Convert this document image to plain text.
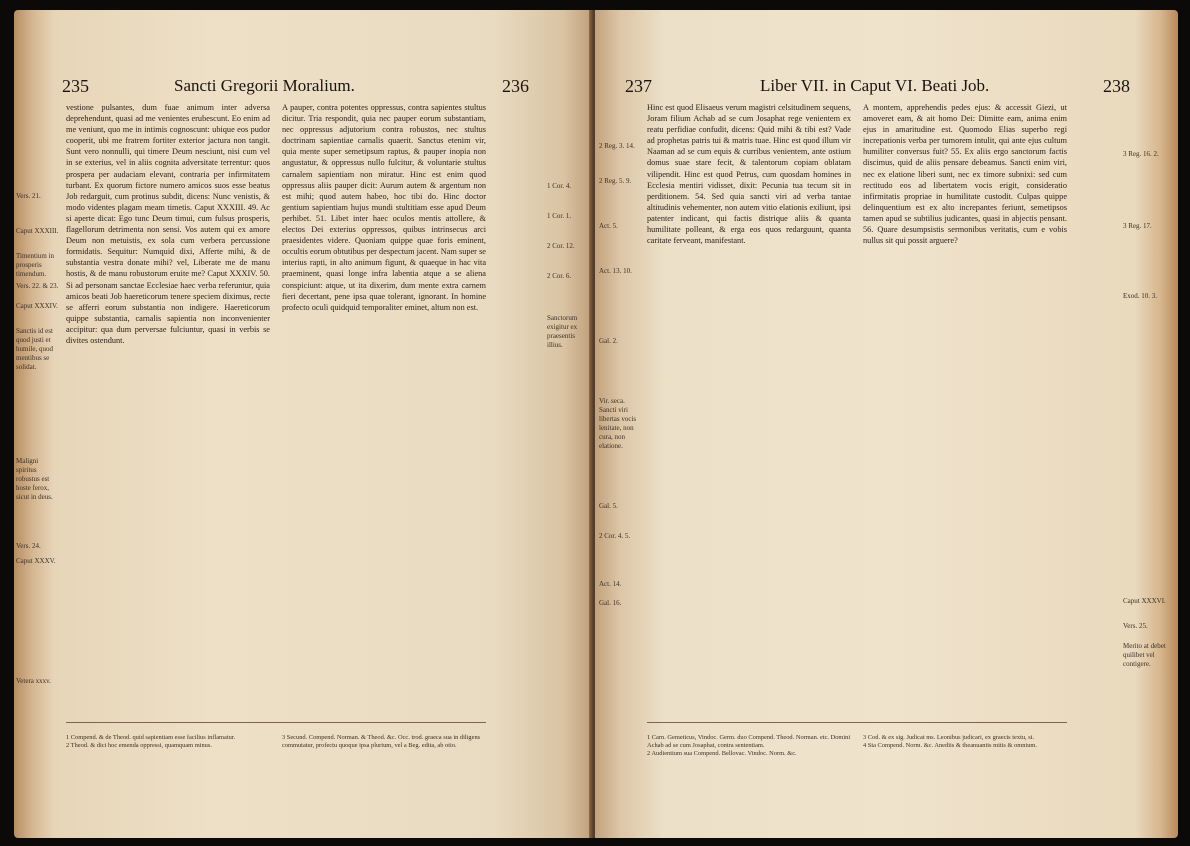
235	Sancti Gregorii Moralium.	236
Vers. 21.
Caput XXXIII.
Timentium in prosperis timendum.
Vers. 22. & 23.
Caput XXXIV.
Sanctis id est quod justi et humile, quod mentibus se solidat.
Maligni spiritus robustus est hoste ferox, sicut in deus.
Vers. 24.
Caput XXXV.
Vetera xxxv.

vestione pulsantes, dum fuae animum inter adversa deprehendunt, quasi ad me venientes erubescunt. Eo enim ad me veniunt, quo me in intimis cognoscunt: ubique eos pudor cooperit, ubi me fratrem fortiter exterior jactura non tangit. Sunt vero nonnulli, qui timere Deum nesciunt, nisi cum vel in se exterius, vel in aliis cognita adversitate terrentur: quos prospera per audaciam elevant, contraria per infirmitatem turbant. Ex quorum fictore numero amicos suos esse beatus Job redarguit, cum protinus subdit, dicens: Nunc venistis, & modo videntes plagam meam timetis. Caput XXXIII. 49. Ac si aperte dicat: Ego tunc Deum timui, cum fulsus prosperis, flagellorum detrimenta non sensi. Vos autem qui ex amore Deum non metuistis, ex sola cum verbera percussione formidatis. Sequitur: Numquid dixi, Afferte mihi, & de substantia vestra donate mihi? vel, Liberate me de manu hostis, & de manu robustorum eruite me? Caput XXXIV. 50. Si ad personam sanctae Ecclesiae haec verba referuntur, quia amicos beati Job haereticorum tenere speciem diximus, recte se afferri eorum substantia non indigere. Haereticorum quippe substantia, carnalis sapientia non inconvenienter accipitur: qua dum perversae fulciuntur, quasi in verbis se divites ostendunt.

A pauper, contra potentes oppressus, contra sapientes stultus dicitur. Tria respondit, quia nec pauper eorum substantiam, nec oppressus adjutorium contra robustos, nec stultus doctrinam sapientiae carnalis quaerit. Sanctus etenim vir, quia mente super semetipsum raptus, & pauper inopia non angustatur, & oppressus nullo fulcitur, & voluntarie stultus carnalem sapientiam non miratur. Hinc est enim quod oppressus aliis pauper dicit: Aurum autem & argentum non est mihi; quod autem habeo, hoc tibi do. Hinc doctor gentium sapientiam hujus mundi stultitiam esse apud Deum perhibet. 51. Libet inter haec oculos mentis attollere, & electos Dei exterius oppressos, quibus intrinsecus arci praesidentes videre. Quoniam quippe quae foris eminent, occultis eorum obtutibus per despectum jacent. Nam super se interius rapti, in alto animum figunt, & quaeque in hac vita praeminent, quasi longe infra labentia atque a se aliena conspiciunt: atque, ut ita dixerim, dum mente extra carnem fieri decertant, pene ipsa quae tolerant, ignorant. In homine profecto oculi quidquid temporaliter eminet, altum non est.

1 Cor. 4.
1 Cor. 1.
2 Cor. 12.
2 Cor. 6.
Sanctorum exigitur ex praesentis illius.
1 Compend. & de Theod. quid sapientiam esse facilius inflamatur.
2 Theod. & dici hoc emenda oppressi, quamquam minus.
3 Secund. Compend. Norman. & Theod. &c. Occ. trod. graeca sua in diligens commutatur, profectu quoque ipsa plurium, vel a Beg. edita, ab otio.
237	Liber VII. in Caput VI. Beati Job.	238
2 Reg. 3. 14.
2 Reg. 5. 9.
Act. 5.
Act. 13. 10.
Gal. 2.
Vir. seca. Sancti viri libertas vocis lenitate, non cura, non elatione.
Gal. 5.
2 Cor. 4. 5.
Act. 14.
Gal. 16.

Hinc est quod Elisaeus verum magistri celsitudinem sequens, Joram filium Achab ad se cum Josaphat rege venientem ex reatu perfidiae confudit, dicens: Quid mihi & tibi est? Vade ad prophetas patris tui & matris tuae. Hinc est quod illum vir Naaman ad se cum equis & curribus venientem, ante ostium domus suae stare fecit, & talentorum copiam oblatam vilipendit. Hinc est quod Petrus, cum quosdam homines in Ecclesia mentiri vidisset, dixit: Pecunia tua tecum sit in perditionem. 54. Sed quia sancti viri ad verba tantae altitudinis vehementer, non autem vitio elationis exiliunt, ipsi patenter indicant, qui factis distrique aliis & quanta humilitate polleant, & erga eos quos redarguunt, quanta caritate ferveant, manifestant.

A montem, apprehendis pedes ejus: & accessit Giezi, ut amoveret eam, & ait homo Dei: Dimitte eam, anima enim ejus in amaritudine est. Quomodo Elias superbo regi increpationis verba per tumorem intulit, qui ante ejus cultum humiliter conversus fuit? 55. Ex aliis ergo sanctorum factis discimus, quid de aliis pensare debeamus. Sancti enim viri, nec ex elatione liberi sunt, nec ex timore subnixi: sed cum rectitudo eos ad libertatem vocis erigit, consideratio infirmitatis propriae in humilitate custodit. Culpas quippe delinquentium est ex alto increpantes feriunt, semetipsos tamen apud se subtilius judicantes, quasi in abjectis pensant. 56. Quare desumpsistis sermonibus veritatis, cum e vobis nullus sit qui possit arguere?

3 Reg. 16. 2.
3 Reg. 17.
Exod. 10. 3.
Caput XXXVI.
Vers. 25.
Merito at debet quilibet vel contigere.
1 Carn. Gemeticus, Vindoc. Germ. duo Compend. Theod. Norman. etc. Domini Achab ad se cum Josaphat, contra sententiam.
2 Audientium sua Compend. Bellovac. Vindoc. Norm. &c.
3 Cod. & ex sig. Judicat ms. Leonibus judicari, ex graecis textu, si.
4 Sta Compend. Norm. &c. Anediis & theanuantis mitis & omnium.
